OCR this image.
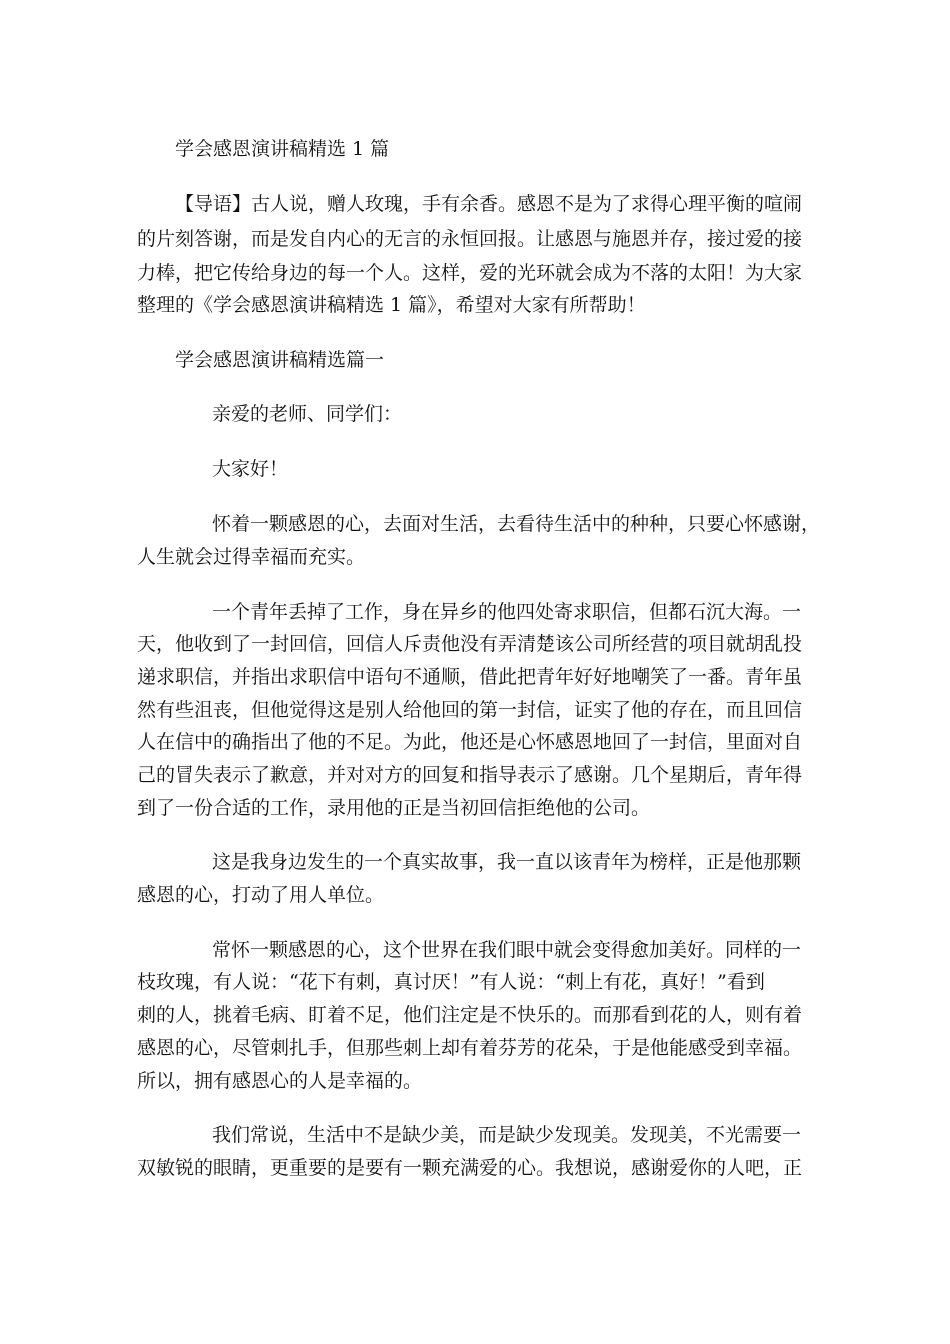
学会感恩演讲稿精选 1 篇

【导语】古人说，赠人玫瑰，手有余香。感恩不是为了求得心理平衡的喧闹

的片刻答谢，而是发自内心的无言的永恒回报。让感恩与施恩并存，接过爱的接

力棒，把它传给身边的每一个人。这样，爱的光环就会成为不落的太阳！为大家

整理的《学会感恩演讲稿精选 1 篇》，希望对大家有所帮助！

学会感恩演讲稿精选篇一

亲爱的老师、同学们：

大家好！

怀着一颗感恩的心，去面对生活，去看待生活中的种种，只要心怀感谢，

人生就会过得幸福而充实。

一个青年丢掉了工作，身在异乡的他四处寄求职信，但都石沉大海。一

天，他收到了一封回信，回信人斥责他没有弄清楚该公司所经营的项目就胡乱投

递求职信，并指出求职信中语句不通顺，借此把青年好好地嘲笑了一番。青年虽

然有些沮丧，但他觉得这是别人给他回的第一封信，证实了他的存在，而且回信

人在信中的确指出了他的不足。为此，他还是心怀感恩地回了一封信，里面对自

己的冒失表示了歉意，并对对方的回复和指导表示了感谢。几个星期后，青年得

到了一份合适的工作，录用他的正是当初回信拒绝他的公司。

这是我身边发生的一个真实故事，我一直以该青年为榜样，正是他那颗

感恩的心，打动了用人单位。

常怀一颗感恩的心，这个世界在我们眼中就会变得愈加美好。同样的一

枝玫瑰，有人说：“花下有刺，真讨厌！”有人说：“刺上有花，真好！”看到

刺的人，挑着毛病、盯着不足，他们注定是不快乐的。而那看到花的人，则有着

感恩的心，尽管刺扎手，但那些刺上却有着芬芳的花朵，于是他能感受到幸福。

所以，拥有感恩心的人是幸福的。

我们常说，生活中不是缺少美，而是缺少发现美。发现美，不光需要一

双敏锐的眼睛，更重要的是要有一颗充满爱的心。我想说，感谢爱你的人吧，正
